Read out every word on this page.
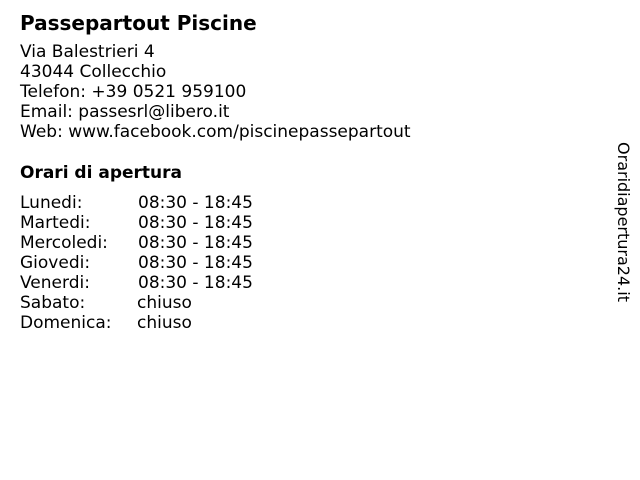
Passepartout Piscine
Via Balestrieri 4
43044 Collecchio
Telefon: +39 0521 959100
Email: passesrl@libero.it
Web: www.facebook.com/piscinepassepartout
Orari di apertura
Lunedi:	08:30 - 18:45
Martedi:	08:30 - 18:45
Mercoledi:	08:30 - 18:45
Giovedi:	08:30 - 18:45
Venerdi:	08:30 - 18:45
Sabato:	chiuso
Domenica:	chiuso
Oraridiapertura24.it
